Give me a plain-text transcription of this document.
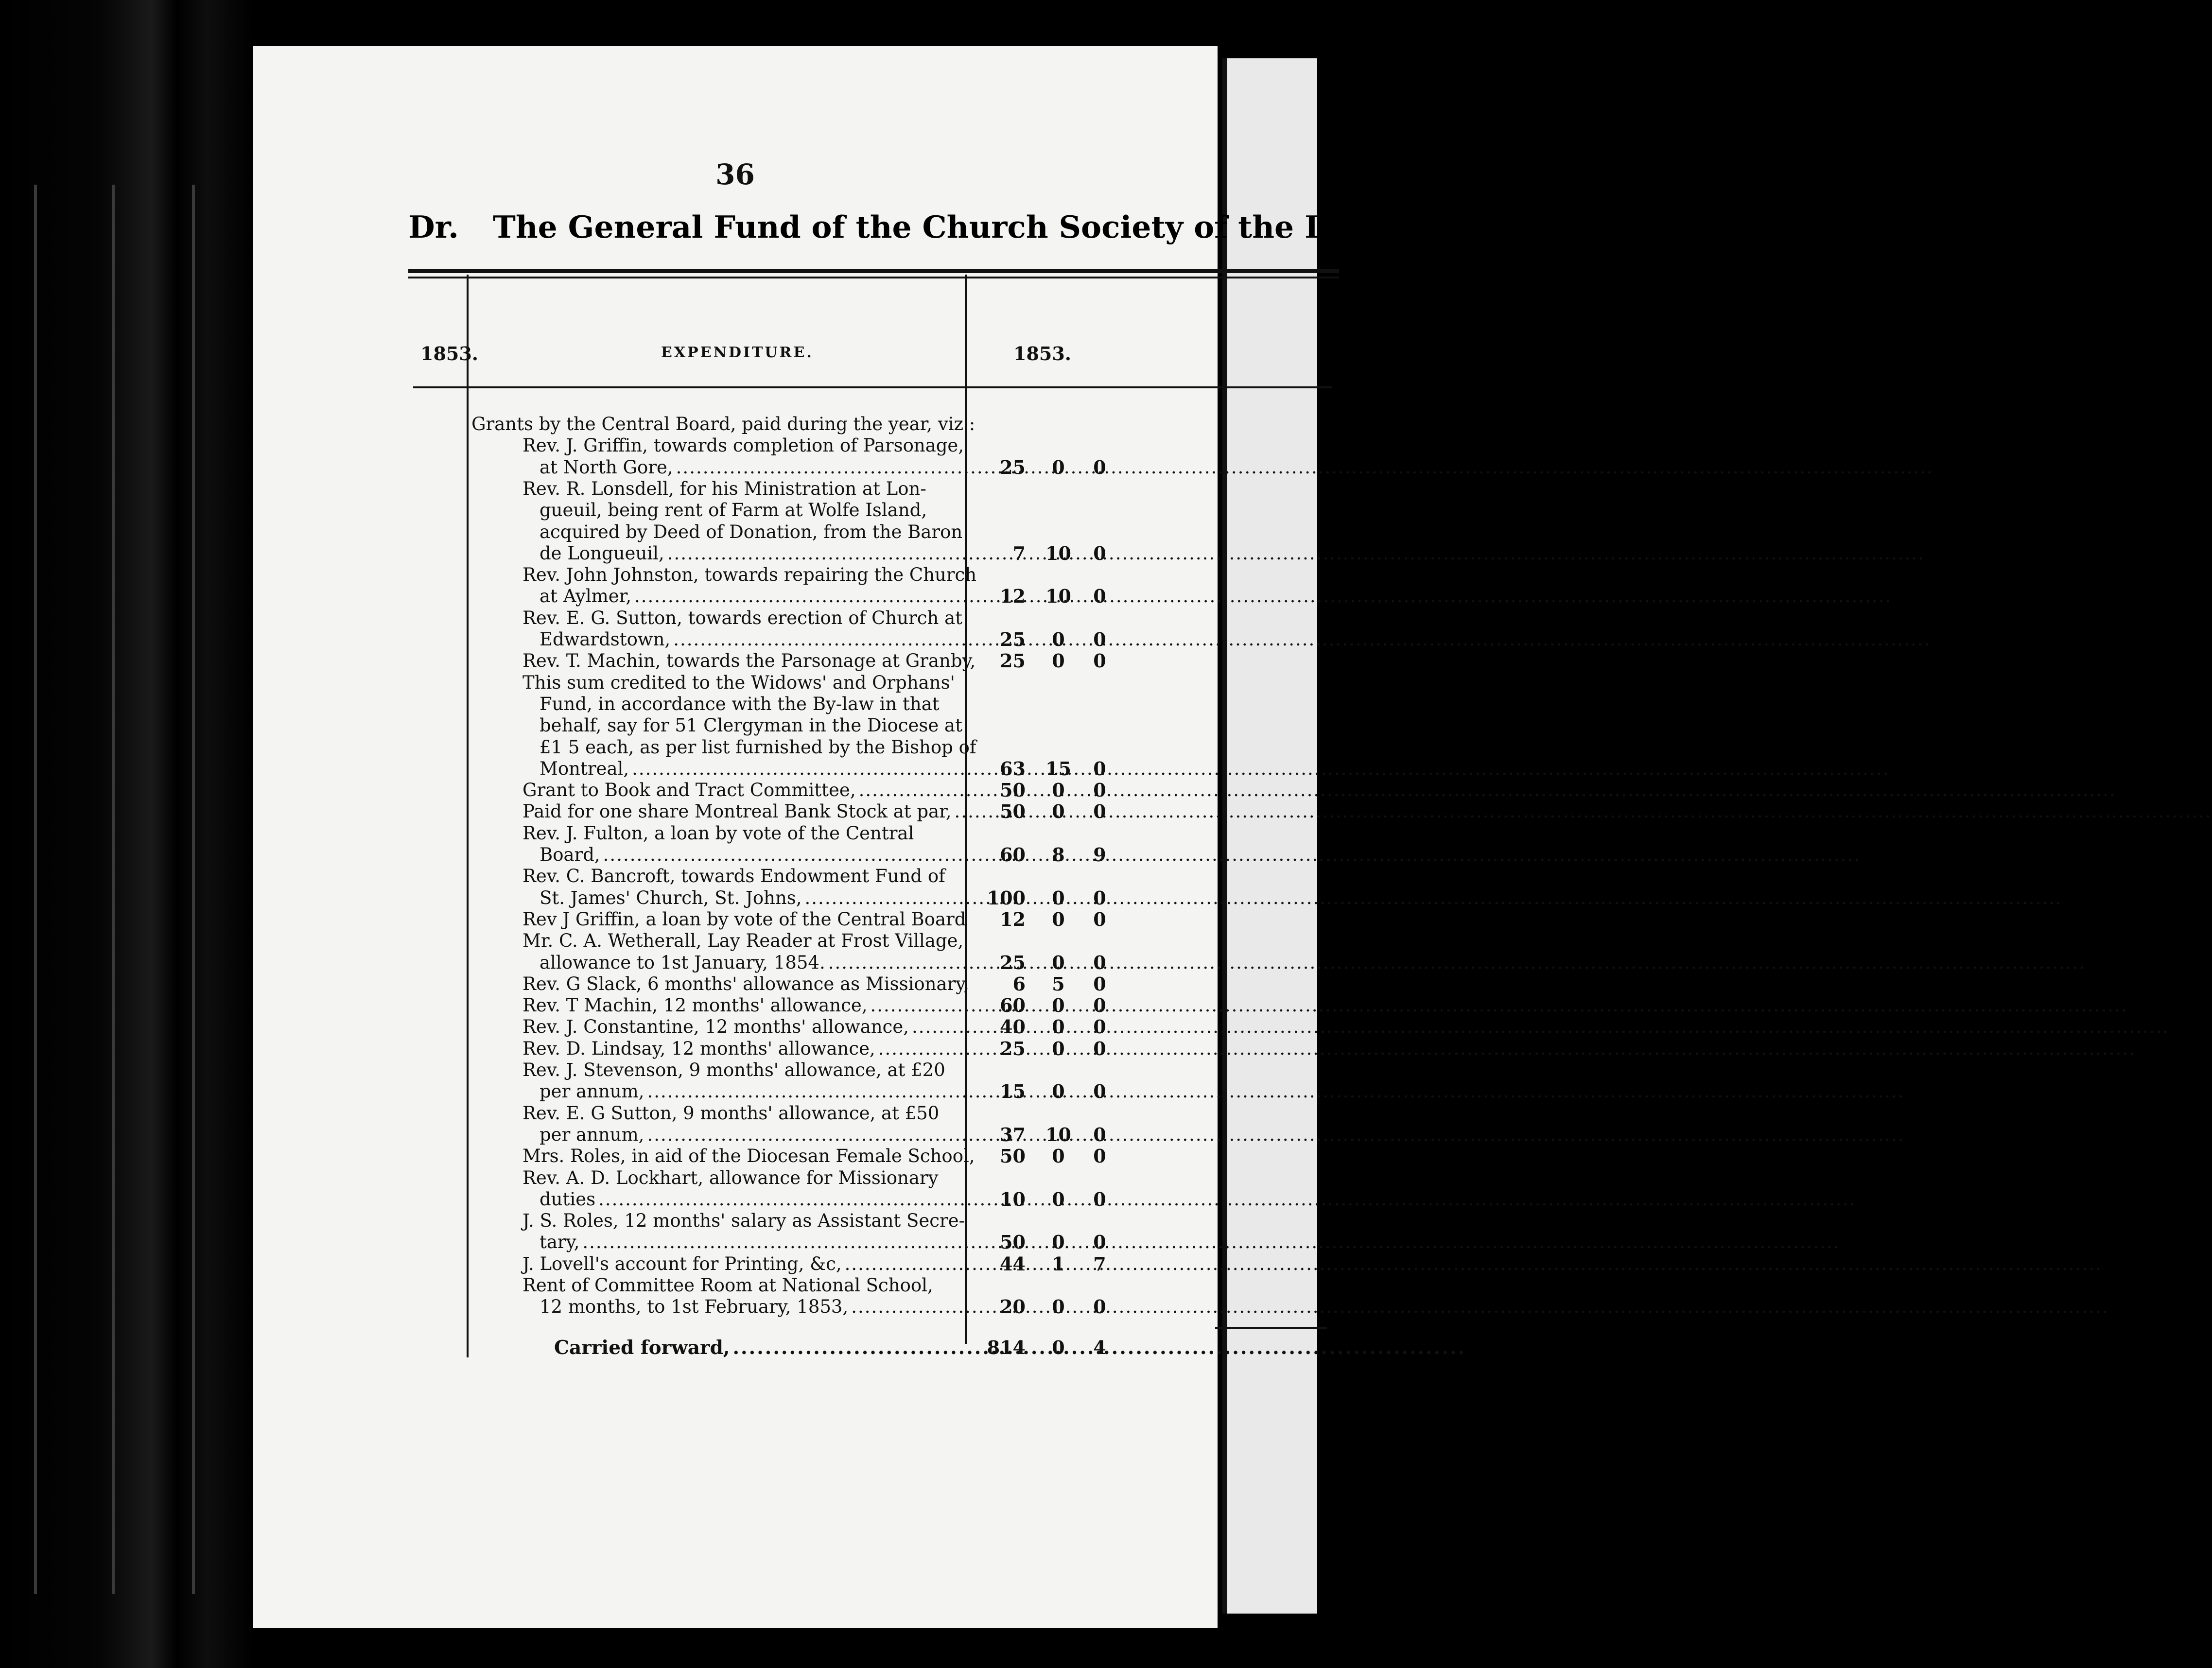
36
Dr. The General Fund of the Church Society of the Diocese
1853.	EXPENDITURE.	1853.
Grants by the Central Board, paid during the year, viz :
Rev. J. Griffin, towards completion of Parsonage,
at North Gore, .....	25	0	0
Rev. R. Lonsdell, for his Ministration at Lon-
gueuil, being rent of Farm at Wolfe Island,
acquired by Deed of Donation, from the Baron
de Longueuil, .....	7	10	0
Rev. John Johnston, towards repairing the Church
at Aylmer, .....	12	10	0
Rev. E. G. Sutton, towards erection of Church at
Edwardstown, .....	25	0	0
Rev. T. Machin, towards the Parsonage at Granby,	25	0	0
This sum credited to the Widows' and Orphans'
Fund, in accordance with the By-law in that
behalf, say for 51 Clergyman in the Diocese at
£1 5 each, as per list furnished by the Bishop of
Montreal, .....	63	15	0
Grant to Book and Tract Committee, .....	50	0	0
Paid for one share Montreal Bank Stock at par, .....	50	0	0
Rev. J. Fulton, a loan by vote of the Central
Board, .....	60	8	9
Rev. C. Bancroft, towards Endowment Fund of
St. James' Church, St. Johns, .....	100	0	0
Rev J Griffin, a loan by vote of the Central Board	12	0	0
Mr. C. A. Wetherall, Lay Reader at Frost Village,
allowance to 1st January, 1854. .....	25	0	0
Rev. G Slack, 6 months' allowance as Missionary,	6	5	0
Rev. T Machin, 12 months' allowance, .....	60	0	0
Rev. J. Constantine, 12 months' allowance, .....	40	0	0
Rev. D. Lindsay, 12 months' allowance, .....	25	0	0
Rev. J. Stevenson, 9 months' allowance, at £20
per annum, .....	15	0	0
Rev. E. G Sutton, 9 months' allowance, at £50
per annum, .....	37	10	0
Mrs. Roles, in aid of the Diocesan Female School,	50	0	0
Rev. A. D. Lockhart, allowance for Missionary
duties .....	10	0	0
J. S. Roles, 12 months' salary as Assistant Secre-
tary, .....	50	0	0
J. Lovell's account for Printing, &c, .....	44	1	7
Rent of Committee Room at National School,
12 months, to 1st February, 1853, .....	20	0	0
Carried forward, .....	814	0	4
